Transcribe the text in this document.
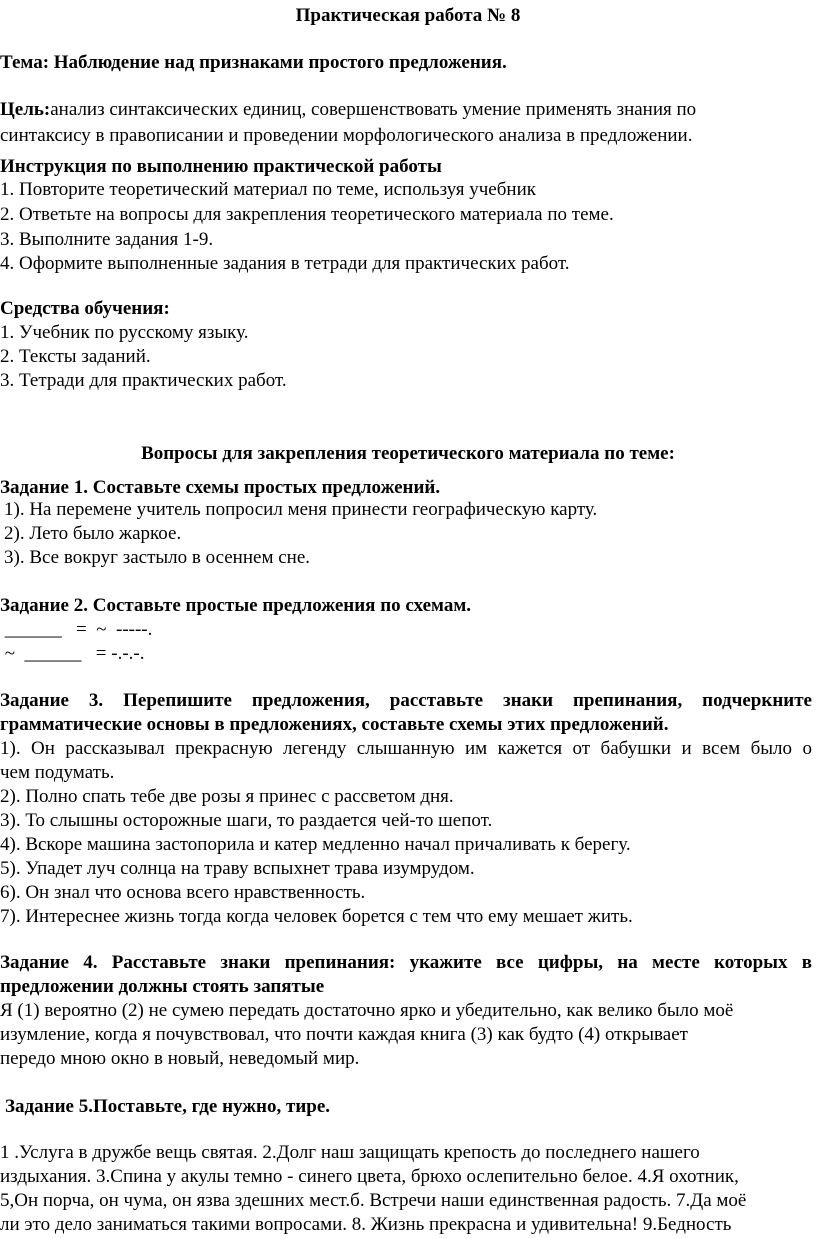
Практическая работа № 8
Тема: Наблюдение над признаками простого предложения.
Цель:анализ синтаксических единиц, совершенствовать умение применять знания по
синтаксису в правописании и проведении морфологического анализа в предложении.
Инструкция по выполнению практической работы
1. Повторите теоретический материал по теме, используя учебник
2. Ответьте на вопросы для закрепления теоретического материала по теме.
3. Выполните задания 1-9.
4. Оформите выполненные задания в тетради для практических работ.
Средства обучения:
1. Учебник по русскому языку.
2. Тексты заданий.
3. Тетради для практических работ.
Вопросы для закрепления теоретического материала по теме:
Задание 1. Составьте схемы простых предложений.
1). На перемене учитель попросил меня принести географическую карту.
2). Лето было жаркое.
3). Все вокруг застыло в осеннем сне.
Задание 2. Составьте простые предложения по схемам.
______   =  ~  -----.
~  ______   = -.-.-.
Задание 3. Перепишите предложения, расставьте знаки препинания, подчеркните
грамматические основы в предложениях, составьте схемы этих предложений.
1). Он рассказывал прекрасную легенду слышанную им кажется от бабушки и всем было о
чем подумать.
2). Полно спать тебе две розы я принес с рассветом дня.
3). То слышны осторожные шаги, то раздается чей-то шепот.
4). Вскоре машина застопорила и катер медленно начал причаливать к берегу.
5). Упадет луч солнца на траву вспыхнет трава изумрудом.
6). Он знал что основа всего нравственность.
7). Интереснее жизнь тогда когда человек борется с тем что ему мешает жить.
Задание 4. Расставьте знаки препинания: укажите все цифры, на месте которых в
предложении должны стоять запятые
Я (1) вероятно (2) не сумею передать достаточно ярко и убедительно, как велико было моё
изумление, когда я почувствовал, что почти каждая книга (3) как будто (4) открывает
передо мною окно в новый, неведомый мир.
Задание 5.Поставьте, где нужно, тире.
1 .Услуга в дружбе вещь святая. 2.Долг наш защищать крепость до последнего нашего
издыхания. 3.Спина у акулы темно - синего цвета, брюхо ослепительно белое. 4.Я охотник,
5,Он порча, он чума, он язва здешних мест.б. Встречи наши единственная радость. 7.Да моё
ли это дело заниматься такими вопросами. 8. Жизнь прекрасна и удивительна! 9.Бедность
